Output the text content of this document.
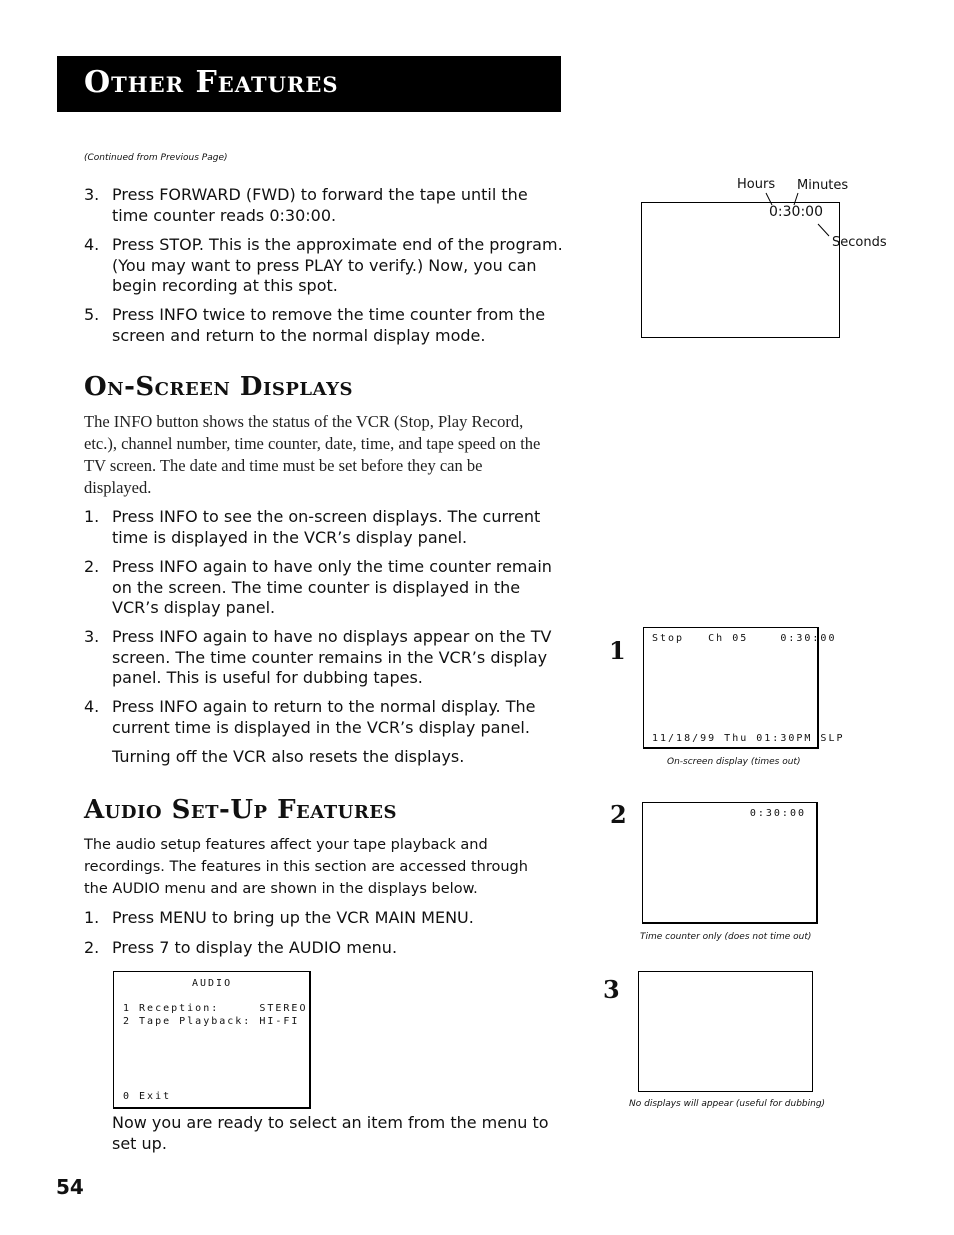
Other Features
(Continued from Previous Page)
3. Press FORWARD (FWD) to forward the tape until the time counter reads 0:30:00.
4. Press STOP. This is the approximate end of the program. (You may want to press PLAY to verify.) Now, you can begin recording at this spot.
5. Press INFO twice to remove the time counter from the screen and return to the normal display mode.
Hours Minutes
Seconds
0:30:00
On-Screen Displays
The INFO button shows the status of the VCR (Stop, Play Record, etc.), channel number, time counter, date, time, and tape speed on the TV screen. The date and time must be set before they can be displayed.
1. Press INFO to see the on-screen displays. The current time is displayed in the VCR’s display panel.
2. Press INFO again to have only the time counter remain on the screen. The time counter is displayed in the VCR’s display panel.
3. Press INFO again to have no displays appear on the TV screen. The time counter remains in the VCR’s display panel. This is useful for dubbing tapes.
4. Press INFO again to return to the normal display. The current time is displayed in the VCR’s display panel.
Turning off the VCR also resets the displays.
1	Stop   Ch 05    0:30:00
11/18/99 Thu 01:30PM SLP
On-screen display (times out)
2	0:30:00
Time counter only (does not time out)
3
No displays will appear (useful for dubbing)
Audio Set-Up Features
The audio setup features affect your tape playback and recordings. The features in this section are accessed through the AUDIO menu and are shown in the displays below.
1. Press MENU to bring up the VCR MAIN MENU.
2. Press 7 to display the AUDIO menu.
AUDIO
1 Reception:     STEREO
2 Tape Playback: HI-FI
0 Exit
Now you are ready to select an item from the menu to set up.
54
